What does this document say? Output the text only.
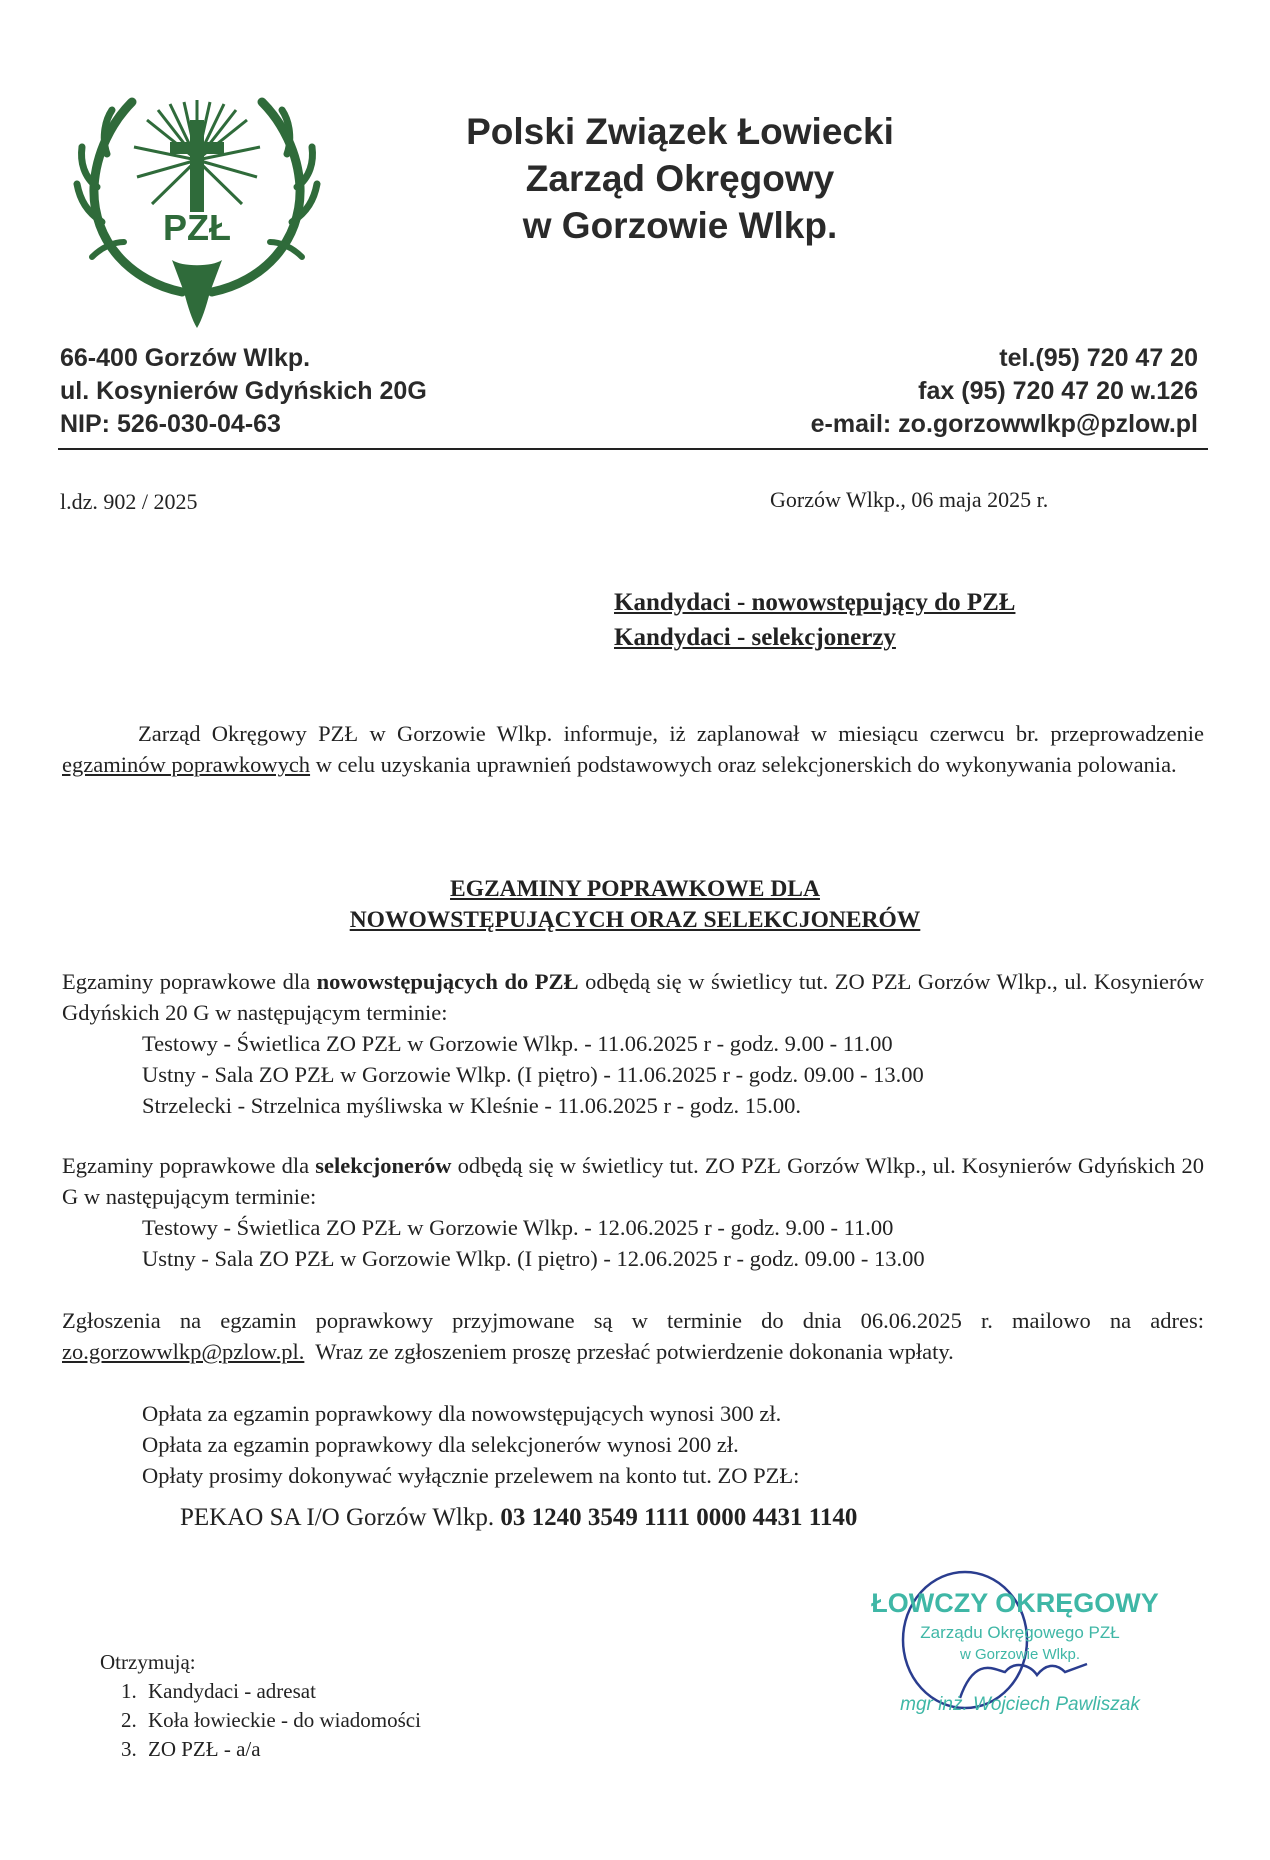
PZŁ
Polski Związek Łowiecki
Zarząd Okręgowy
w Gorzowie Wlkp.
66-400 Gorzów Wlkp.
ul. Kosynierów Gdyńskich 20G
NIP: 526-030-04-63
tel.(95) 720 47 20
fax (95) 720 47 20 w.126
e-mail: zo.gorzowwlkp@pzlow.pl
l.dz. 902 / 2025	Gorzów Wlkp., 06 maja 2025 r.
Kandydaci - nowowstępujący do PZŁ
Kandydaci - selekcjonerzy
Zarząd Okręgowy PZŁ w Gorzowie Wlkp. informuje, iż zaplanował w miesiącu czerwcu br. przeprowadzenie egzaminów poprawkowych w celu uzyskania uprawnień podstawowych oraz selekcjonerskich do wykonywania polowania.
EGZAMINY POPRAWKOWE DLA
NOWOWSTĘPUJĄCYCH ORAZ SELEKCJONERÓW
Egzaminy poprawkowe dla nowowstępujących do PZŁ odbędą się w świetlicy tut. ZO PZŁ Gorzów Wlkp., ul. Kosynierów Gdyńskich 20 G w następującym terminie:
Testowy - Świetlica ZO PZŁ w Gorzowie Wlkp. - 11.06.2025 r - godz. 9.00 - 11.00
Ustny - Sala ZO PZŁ w Gorzowie Wlkp. (I piętro) - 11.06.2025 r - godz. 09.00 - 13.00
Strzelecki - Strzelnica myśliwska w Kleśnie - 11.06.2025 r - godz. 15.00.
Egzaminy poprawkowe dla selekcjonerów odbędą się w świetlicy tut. ZO PZŁ Gorzów Wlkp., ul. Kosynierów Gdyńskich 20 G w następującym terminie:
Testowy - Świetlica ZO PZŁ w Gorzowie Wlkp. - 12.06.2025 r - godz. 9.00 - 11.00
Ustny - Sala ZO PZŁ w Gorzowie Wlkp. (I piętro) - 12.06.2025 r - godz. 09.00 - 13.00
Zgłoszenia na egzamin poprawkowy przyjmowane są w terminie do dnia 06.06.2025 r. mailowo na adres: zo.gorzowwlkp@pzlow.pl. Wraz ze zgłoszeniem proszę przesłać potwierdzenie dokonania wpłaty.
Opłata za egzamin poprawkowy dla nowowstępujących wynosi 300 zł.
Opłata za egzamin poprawkowy dla selekcjonerów wynosi 200 zł.
Opłaty prosimy dokonywać wyłącznie przelewem na konto tut. ZO PZŁ:
PEKAO SA I/O Gorzów Wlkp. 03 1240 3549 1111 0000 4431 1140
Otrzymują:
1. Kandydaci - adresat
2. Koła łowieckie - do wiadomości
3. ZO PZŁ - a/a
ŁOWCZY OKRĘGOWY
Zarządu Okręgowego PZŁ
w Gorzowie Wlkp.
mgr inż. Wojciech Pawliszak
